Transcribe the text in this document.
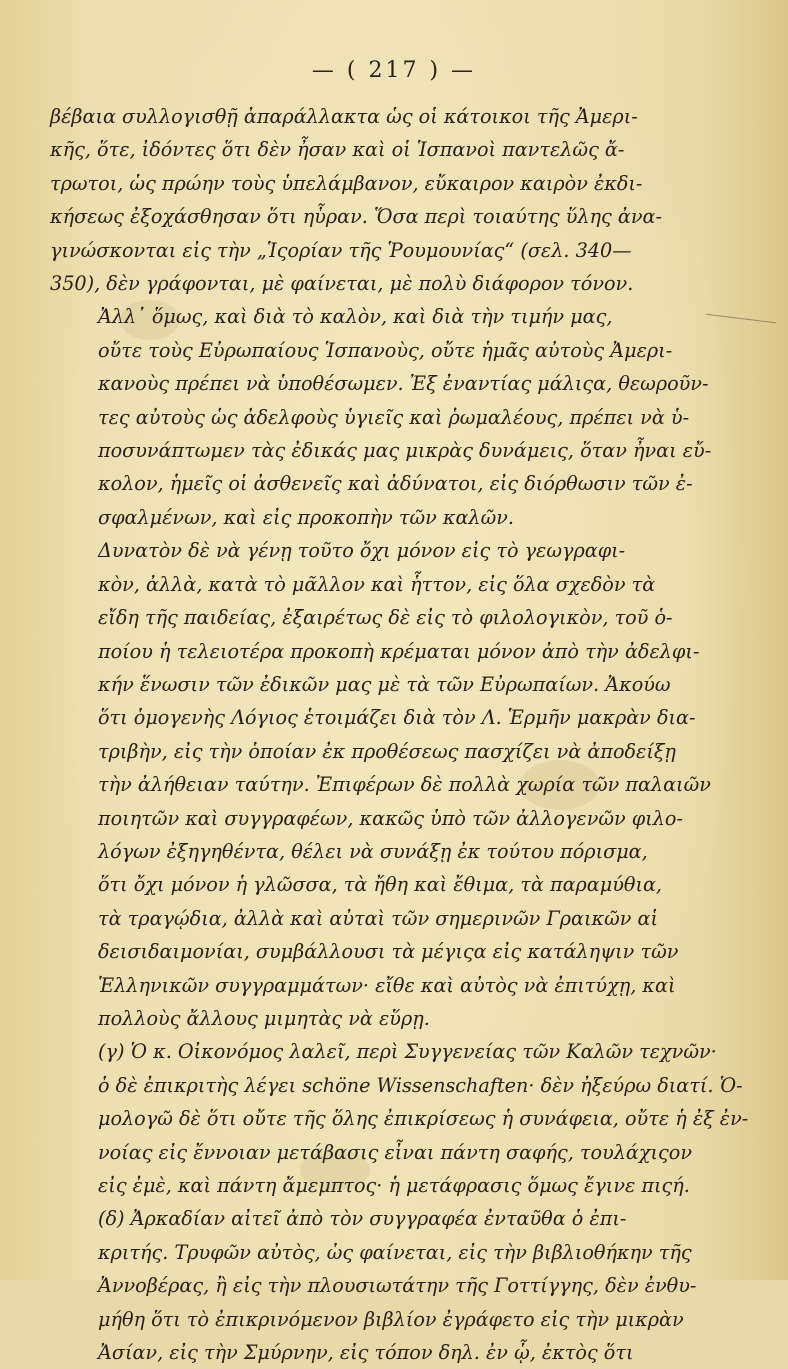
— ( 217 ) —

βέβαια συλλογισθῇ ἀπαράλλακτα ὡς οἱ κάτοικοι τῆς Ἀμερι-
κῆς, ὅτε, ἰδόντες ὅτι δὲν ἦσαν καὶ οἱ Ἱσπανοὶ παντελῶς ἄ-
τρωτοι, ὡς πρώην τοὺς ὑπελάμβανον, εὔκαιρον καιρὸν ἐκδι-
κήσεως ἐξοχάσθησαν ὅτι ηὗραν. Ὅσα περὶ τοιαύτης ὕλης ἀνα-
γινώσκονται εἰς τὴν „Ἱςορίαν τῆς Ῥουμουνίας“ (σελ. 340—
350), δὲν γράφονται, μὲ φαίνεται, μὲ πολὺ διάφορον τόνον.

Ἀλλ᾽ ὅμως, καὶ διὰ τὸ καλὸν, καὶ διὰ τὴν τιμήν μας,
οὔτε τοὺς Εὐρωπαίους Ἱσπανοὺς, οὔτε ἡμᾶς αὐτοὺς Ἀμερι-
κανοὺς πρέπει νὰ ὑποθέσωμεν. Ἐξ ἐναντίας μάλιςα, θεωροῦν-
τες αὐτοὺς ὡς ἀδελφοὺς ὑγιεῖς καὶ ῥωμαλέους, πρέπει νὰ ὑ-
ποσυνάπτωμεν τὰς ἐδικάς μας μικρὰς δυνάμεις, ὅταν ἦναι εὔ-
κολον, ἡμεῖς οἱ ἀσθενεῖς καὶ ἀδύνατοι, εἰς διόρθωσιν τῶν ἐ-
σφαλμένων, καὶ εἰς προκοπὴν τῶν καλῶν.

Δυνατὸν δὲ νὰ γένῃ τοῦτο ὄχι μόνον εἰς τὸ γεωγραφι-
κὸν, ἀλλὰ, κατὰ τὸ μᾶλλον καὶ ἧττον, εἰς ὅλα σχεδὸν τὰ
εἴδη τῆς παιδείας, ἐξαιρέτως δὲ εἰς τὸ φιλολογικὸν, τοῦ ὁ-
ποίου ἡ τελειοτέρα προκοπὴ κρέμαται μόνον ἀπὸ τὴν ἀδελφι-
κήν ἕνωσιν τῶν ἐδικῶν μας μὲ τὰ τῶν Εὐρωπαίων. Ἀκούω
ὅτι ὁμογενὴς Λόγιος ἑτοιμάζει διὰ τὸν Λ. Ἑρμῆν μακρὰν δια-
τριβὴν, εἰς τὴν ὁποίαν ἐκ προθέσεως πασχίζει νὰ ἀποδείξῃ
τὴν ἀλήθειαν ταύτην. Ἐπιφέρων δὲ πολλὰ χωρία τῶν παλαιῶν
ποιητῶν καὶ συγγραφέων, κακῶς ὑπὸ τῶν ἀλλογενῶν φιλο-
λόγων ἐξηγηθέντα, θέλει νὰ συνάξῃ ἐκ τούτου πόρισμα,
ὅτι ὄχι μόνον ἡ γλῶσσα, τὰ ἤθη καὶ ἔθιμα, τὰ παραμύθια,
τὰ τραγῴδια, ἀλλὰ καὶ αὐταὶ τῶν σημερινῶν Γραικῶν αἱ
δεισιδαιμονίαι, συμβάλλουσι τὰ μέγιςα εἰς κατάληψιν τῶν
Ἑλληνικῶν συγγραμμάτων· εἴθε καὶ αὐτὸς νὰ ἐπιτύχῃ, καὶ
πολλοὺς ἄλλους μιμητὰς νὰ εὕρῃ.

(γ) Ὁ κ. Οἰκονόμος λαλεῖ, περὶ Συγγενείας τῶν Καλῶν τεχνῶν·
ὁ δὲ ἐπικριτὴς λέγει schöne Wissenschaften· δὲν ἠξεύρω διατί. Ὁ-
μολογῶ δὲ ὅτι οὔτε τῆς ὅλης ἐπικρίσεως ἡ συνάφεια, οὔτε ἡ ἐξ ἐν-
νοίας εἰς ἔννοιαν μετάβασις εἶναι πάντη σαφής, τουλάχιςον
εἰς ἐμὲ, καὶ πάντη ἄμεμπτος· ἡ μετάφρασις ὅμως ἔγινε πιςή.

(δ) Ἀρκαδίαν αἰτεῖ ἀπὸ τὸν συγγραφέα ἐνταῦθα ὁ ἐπι-
κριτής. Τρυφῶν αὐτὸς, ὡς φαίνεται, εἰς τὴν βιβλιοθήκην τῆς
Ἀννοβέρας, ἢ εἰς τὴν πλουσιωτάτην τῆς Γοττίγγης, δὲν ἐνθυ-
μήθη ὅτι τὸ ἐπικρινόμενον βιβλίον ἐγράφετο εἰς τὴν μικρὰν
Ἀσίαν, εἰς τὴν Σμύρνην, εἰς τόπον δηλ. ἐν ᾧ, ἐκτὸς ὅτι
